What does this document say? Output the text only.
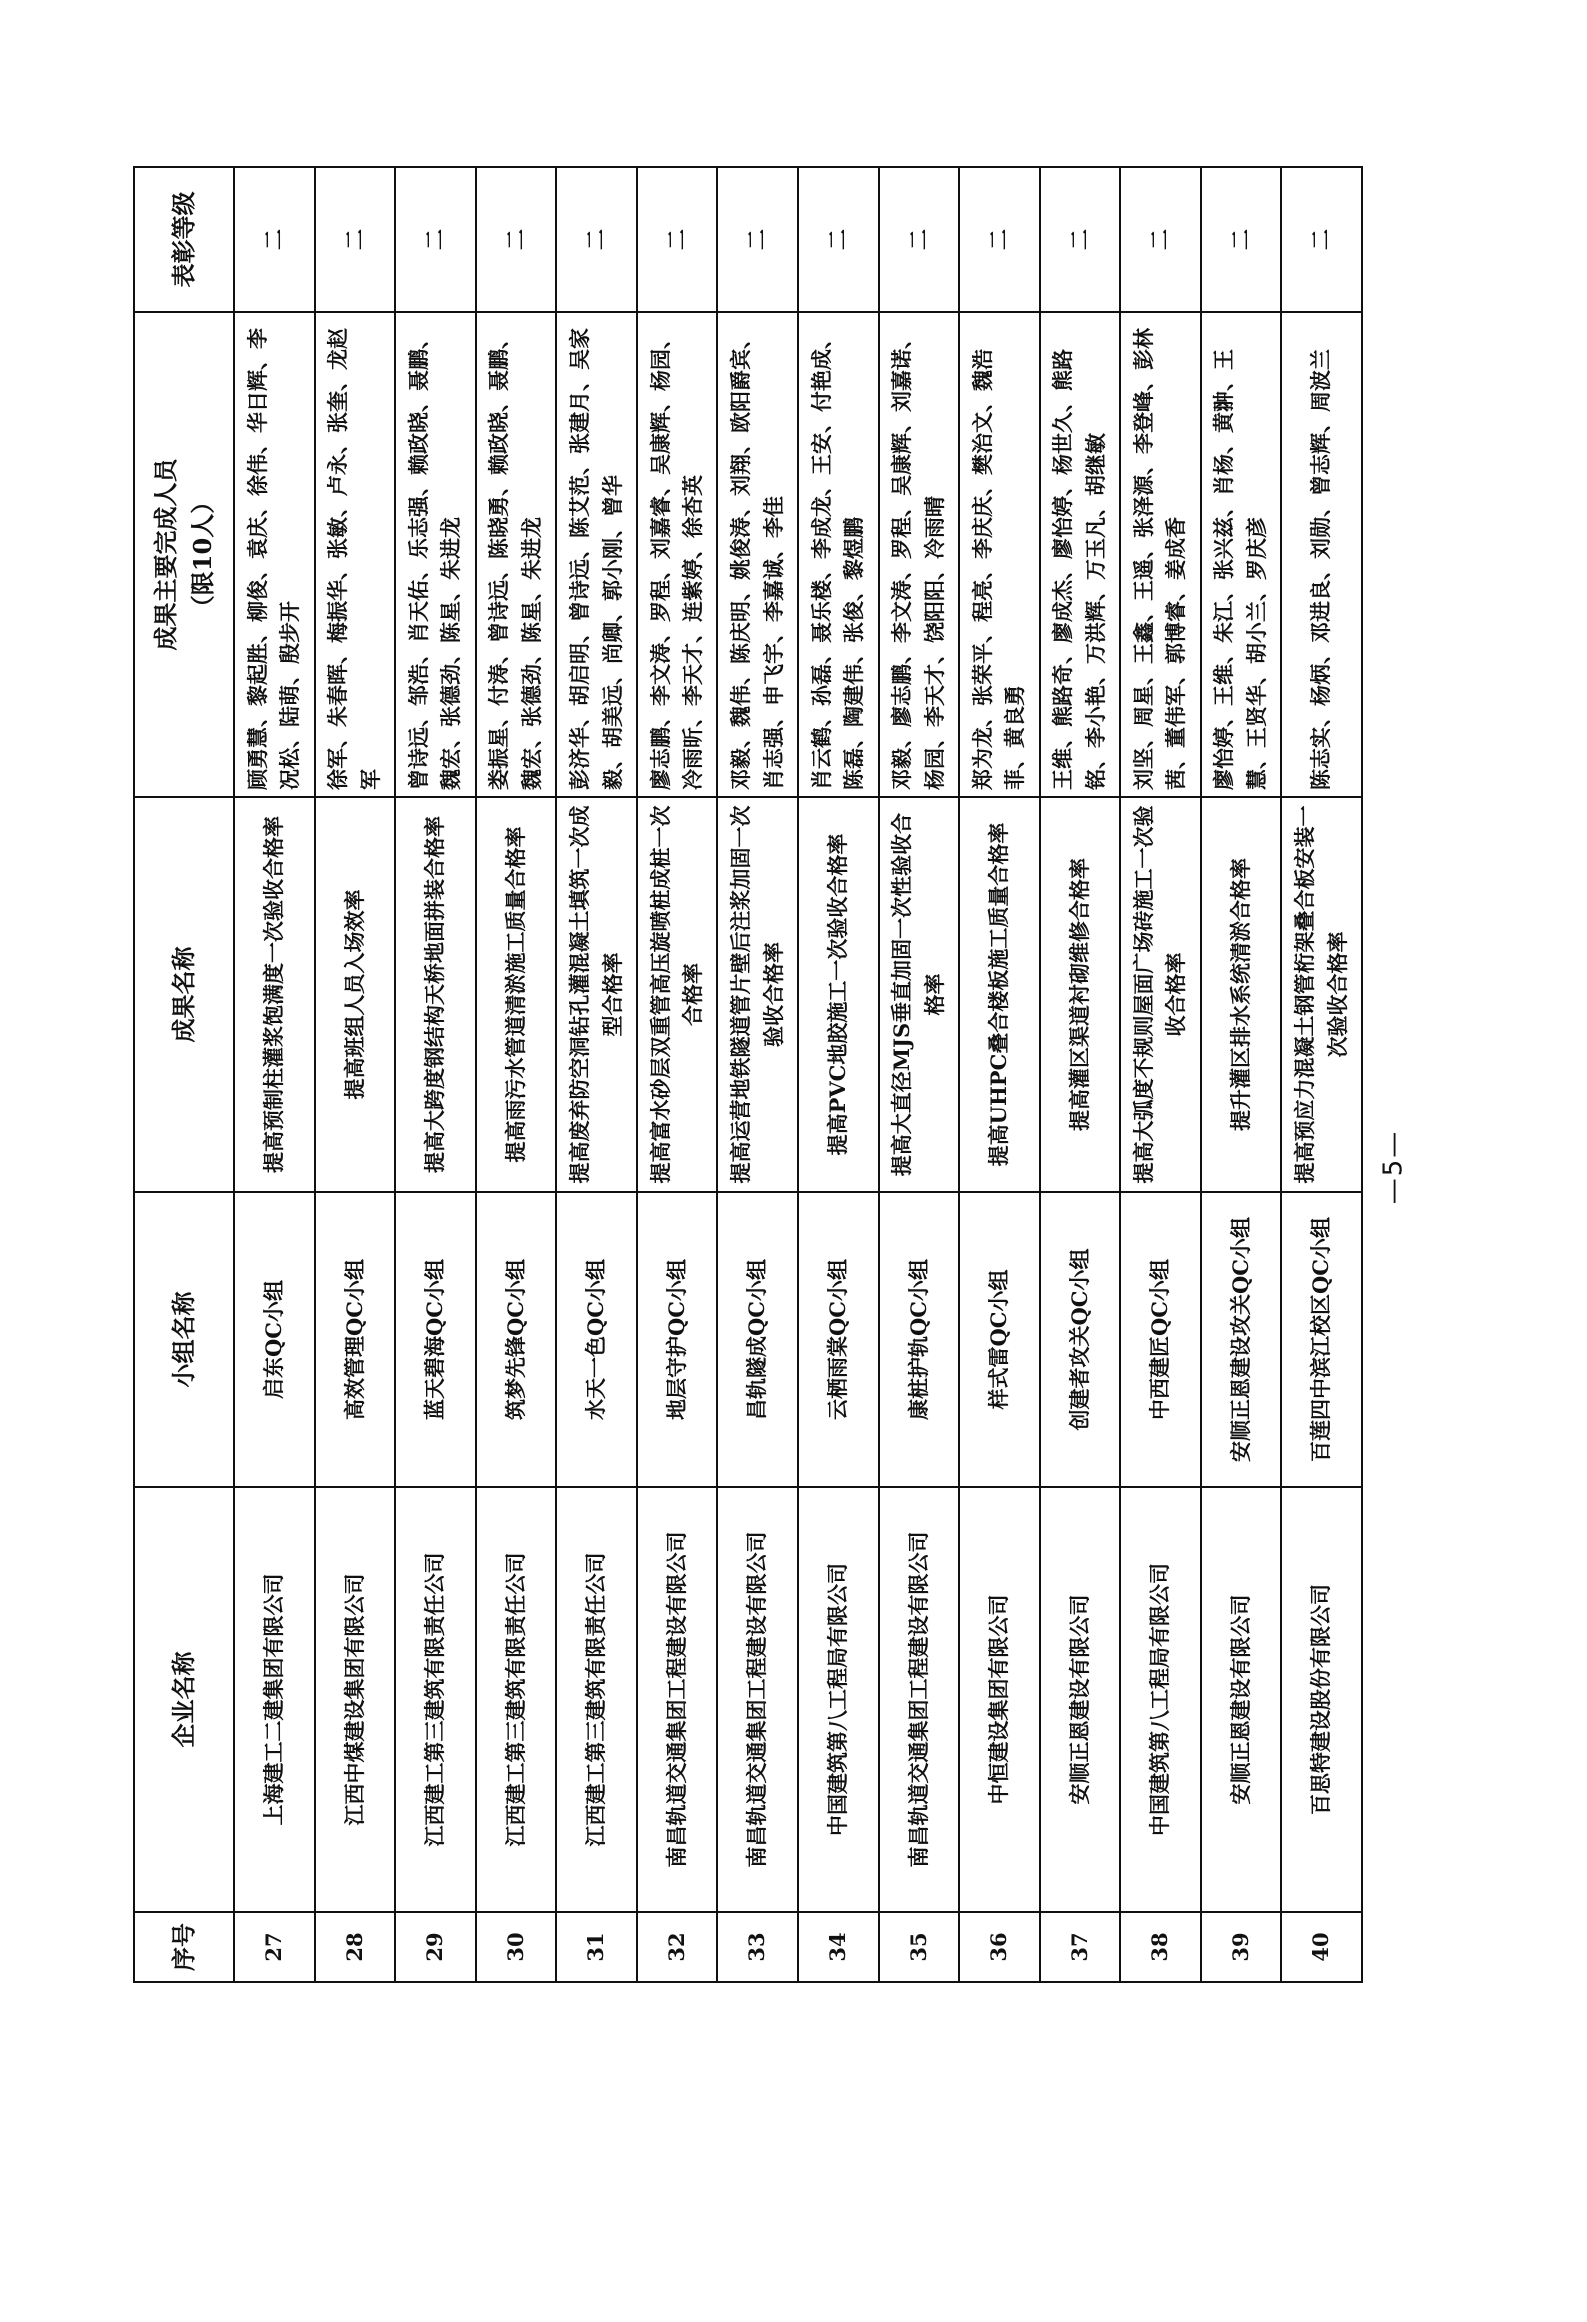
序号	企业名称	小组名称	成果名称	成果主要完成人员 （限10人）	表彰等级
27	上海建工二建集团有限公司	启东QC小组	提高预制柱灌浆饱满度一次验收合格率	顾勇慧、黎起胜、柳俊、袁庆、徐伟、华日辉、李况松、陆萌、殷步开	二
28	江西中煤建设集团有限公司	高效管理QC小组	提高班组人员入场效率	徐军、朱春晖、梅振华、张敏、卢永、张奎、龙赵军	二
29	江西建工第三建筑有限责任公司	蓝天碧海QC小组	提高大跨度钢结构天桥地面拼装合格率	曾诗远、邹浩、肖天佑、乐志强、赖政晓、聂鹏、魏宏、张德劲、陈星、朱进龙	二
30	江西建工第三建筑有限责任公司	筑梦先锋QC小组	提高雨污水管道清淤施工质量合格率	娄振星、付涛、曾诗远、陈晓勇、赖政晓、聂鹏、魏宏、张德劲、陈星、朱进龙	二
31	江西建工第三建筑有限责任公司	水天一色QC小组	提高废弃防空洞钻孔灌混凝土填筑一次成型合格率	彭济华、胡启明、曾诗远、陈艾范、张建月、吴家毅、胡美远、尚卿、郭小刚、曾华	二
32	南昌轨道交通集团工程建设有限公司	地层守护QC小组	提高富水砂层双重管高压旋喷桩成桩一次合格率	廖志鹏、李文涛、罗程、刘嘉睿、吴康辉、杨园、冷雨昕、李天才、连紫婷、徐杏英	二
33	南昌轨道交通集团工程建设有限公司	昌轨隧成QC小组	提高运营地铁隧道管片壁后注浆加固一次验收合格率	邓毅、魏伟、陈庆明、姚俊涛、刘翔、欧阳爵宾、肖志强、申飞宇、李嘉诚、李佳	二
34	中国建筑第八工程局有限公司	云栖雨棠QC小组	提高PVC地胶施工一次验收合格率	肖云鹤、孙磊、聂乐楼、李成龙、王安、付艳成、陈磊、陶建伟、张俊、黎煜鹏	二
35	南昌轨道交通集团工程建设有限公司	康桩护轨QC小组	提高大直径MJS垂直加固一次性验收合格率	邓毅、廖志鹏、李文涛、罗程、吴康辉、刘嘉诺、杨园、李天才、饶阳阳、冷雨晴	二
36	中恒建设集团有限公司	样式雷QC小组	提高UHPC叠合楼板施工质量合格率	郑为龙、张荣平、程亮、李庆庆、樊治文、魏浩菲、黄良勇	二
37	安顺正恩建设有限公司	创建者攻关QC小组	提高灌区渠道衬砌维修合格率	王维、熊路奇、廖成杰、廖怡婷、杨世久、熊路铭、李小艳、万洪辉、万玉凡、胡继敏	二
38	中国建筑第八工程局有限公司	中西建匠QC小组	提高大弧度不规则屋面广场砖施工一次验收合格率	刘坚、周星、王鑫、王遥、张泽源、李登峰、彭林茜、董伟军、郭博睿、姜成香	二
39	安顺正恩建设有限公司	安顺正恩建设攻关QC小组	提升灌区排水系统清淤合格率	廖怡婷、王维、朱江、张兴兹、肖杨、黄翀、王慧、王贤华、胡小兰、罗庆彦	二
40	百思特建设股份有限公司	百莲四中滨江校区QC小组	提高预应力混凝土钢管桁架叠合板安装一次验收合格率	陈志实、杨炳、邓进良、刘勋、曾志辉、周波兰	二
—5—
